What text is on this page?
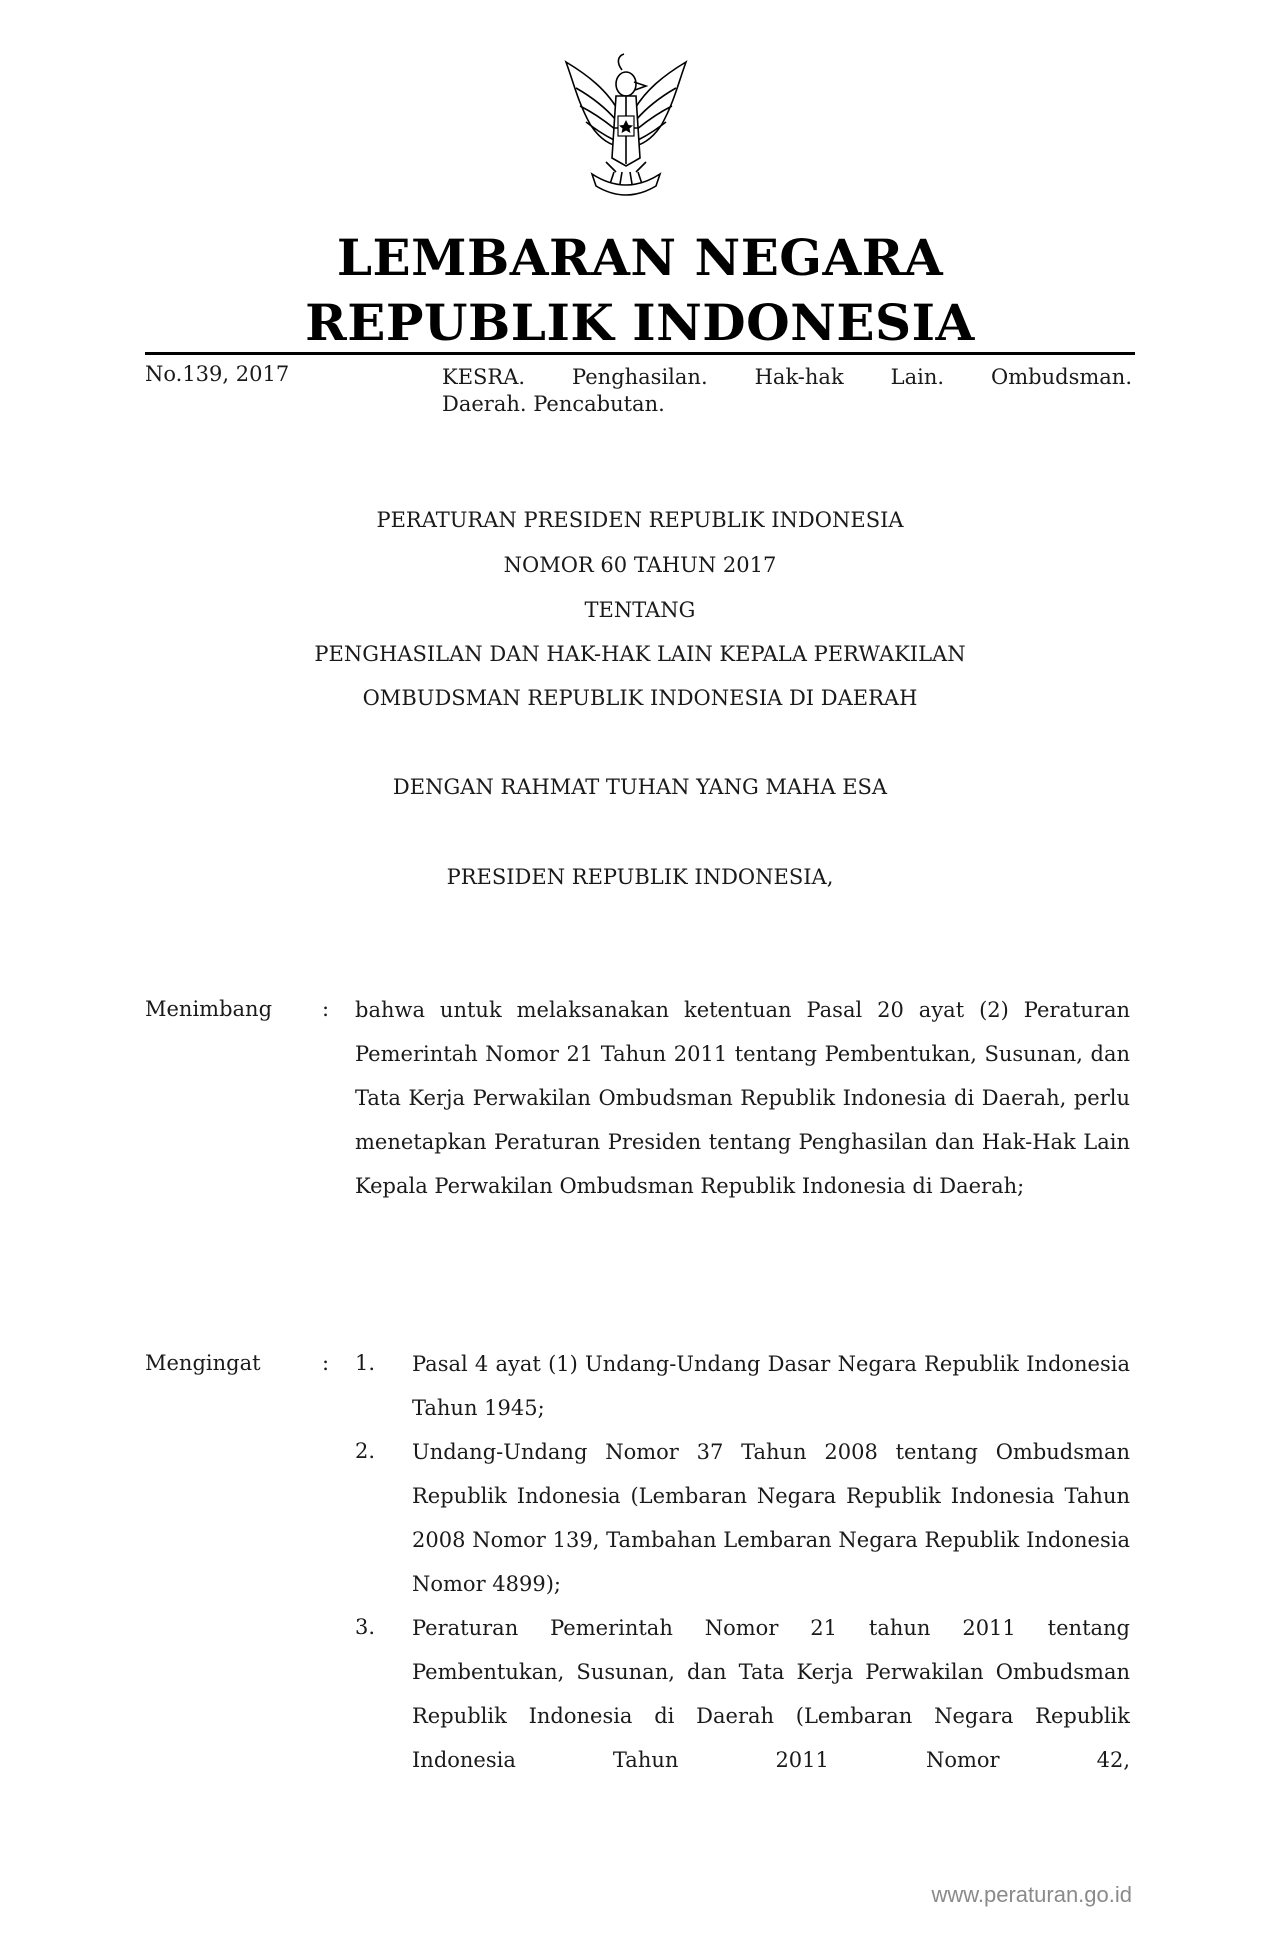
LEMBARAN NEGARA
REPUBLIK INDONESIA
No.139, 2017	KESRA. Penghasilan. Hak-hak Lain. Ombudsman.
Daerah. Pencabutan.
PERATURAN PRESIDEN REPUBLIK INDONESIA
NOMOR 60 TAHUN 2017
TENTANG
PENGHASILAN DAN HAK-HAK LAIN KEPALA PERWAKILAN
OMBUDSMAN REPUBLIK INDONESIA DI DAERAH
DENGAN RAHMAT TUHAN YANG MAHA ESA
PRESIDEN REPUBLIK INDONESIA,
Menimbang : bahwa untuk melaksanakan ketentuan Pasal 20 ayat (2) Peraturan Pemerintah Nomor 21 Tahun 2011 tentang Pembentukan, Susunan, dan Tata Kerja Perwakilan Ombudsman Republik Indonesia di Daerah, perlu menetapkan Peraturan Presiden tentang Penghasilan dan Hak-Hak Lain Kepala Perwakilan Ombudsman Republik Indonesia di Daerah;
Mengingat	: 1. Pasal 4 ayat (1) Undang-Undang Dasar Negara Republik Indonesia Tahun 1945;
2. Undang-Undang Nomor 37 Tahun 2008 tentang Ombudsman Republik Indonesia (Lembaran Negara Republik Indonesia Tahun 2008 Nomor 139, Tambahan Lembaran Negara Republik Indonesia Nomor 4899);
3. Peraturan Pemerintah Nomor 21 tahun 2011 tentang Pembentukan, Susunan, dan Tata Kerja Perwakilan Ombudsman Republik Indonesia di Daerah (Lembaran Negara Republik Indonesia Tahun 2011 Nomor 42,
www.peraturan.go.id
